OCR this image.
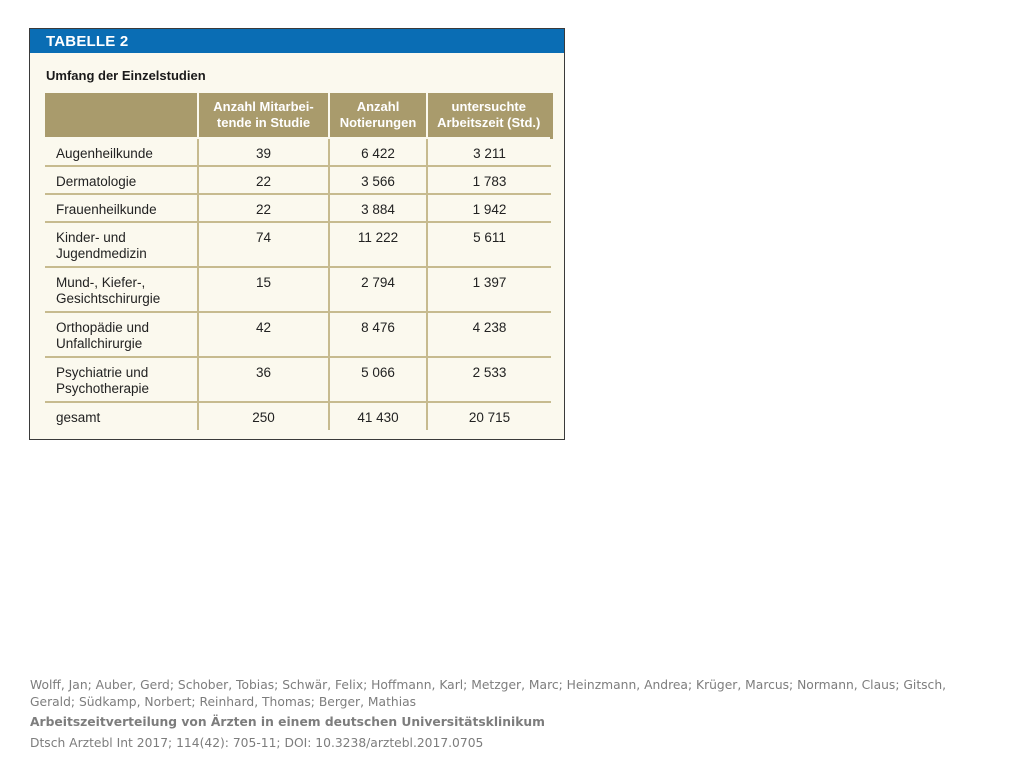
TABELLE 2
Umfang der Einzelstudien
	Anzahl Mitarbei- tende in Studie	Anzahl Notierungen	untersuchte Arbeitszeit (Std.)
Augenheilkunde	39	6 422	3 211
Dermatologie	22	3 566	1 783
Frauenheilkunde	22	3 884	1 942
Kinder- und Jugendmedizin	74	11 222	5 611
Mund-, Kiefer-, Gesichtschirurgie	15	2 794	1 397
Orthopädie und Unfallchirurgie	42	8 476	4 238
Psychiatrie und Psychotherapie	36	5 066	2 533
gesamt	250	41 430	20 715
Wolff, Jan; Auber, Gerd; Schober, Tobias; Schwär, Felix; Hoffmann, Karl; Metzger, Marc; Heinzmann, Andrea; Krüger, Marcus; Normann, Claus; Gitsch, Gerald; Südkamp, Norbert; Reinhard, Thomas; Berger, Mathias
Arbeitszeitverteilung von Ärzten in einem deutschen Universitätsklinikum
Dtsch Arztebl Int 2017; 114(42): 705-11; DOI: 10.3238/arztebl.2017.0705
